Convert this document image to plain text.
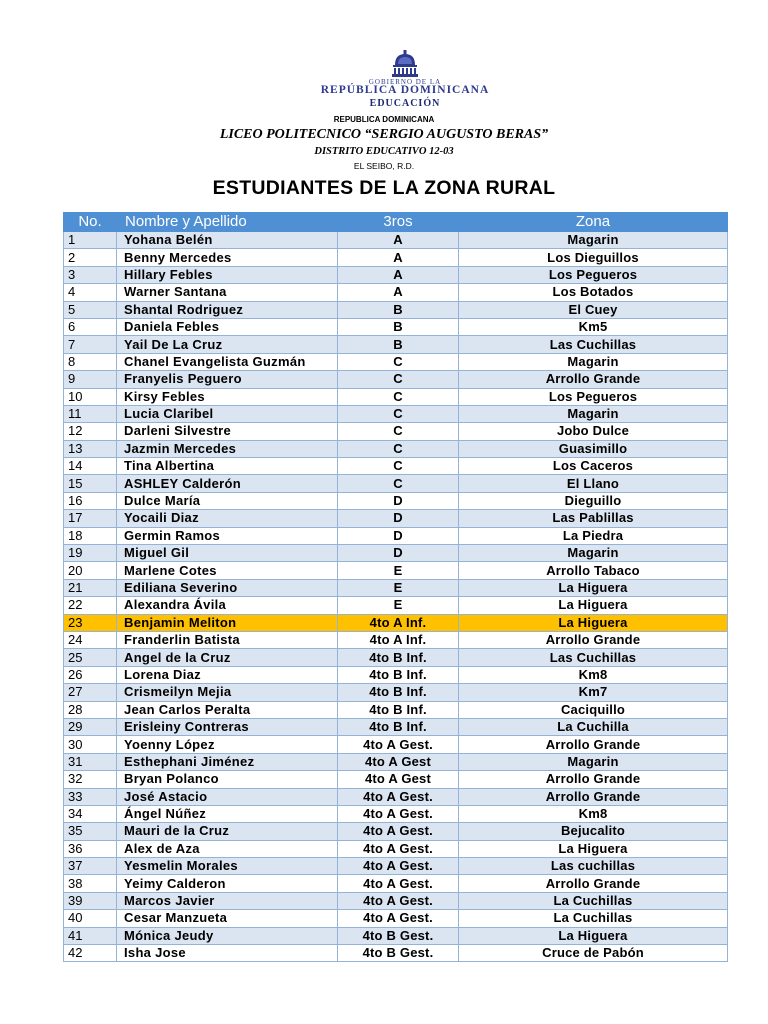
GOBIERNO DE LA
REPÚBLICA DOMINICANA
EDUCACIÓN
REPUBLICA DOMINICANA
LICEO POLITECNICO “SERGIO AUGUSTO BERAS”
DISTRITO EDUCATIVO 12-03
EL SEIBO, R.D.
ESTUDIANTES DE LA ZONA RURAL
No.	Nombre y Apellido	3ros	Zona
1	Yohana Belén	A	Magarin
2	Benny Mercedes	A	Los Dieguillos
3	Hillary Febles	A	Los Pegueros
4	Warner Santana	A	Los Botados
5	Shantal Rodriguez	B	El Cuey
6	Daniela Febles	B	Km5
7	Yail De La Cruz	B	Las Cuchillas
8	Chanel Evangelista Guzmán	C	Magarin
9	Franyelis Peguero	C	Arrollo Grande
10	Kirsy Febles	C	Los Pegueros
11	Lucia Claribel	C	Magarin
12	Darleni Silvestre	C	Jobo Dulce
13	Jazmin Mercedes	C	Guasimillo
14	Tina Albertina	C	Los Caceros
15	ASHLEY Calderón	C	El Llano
16	Dulce María	D	Dieguillo
17	Yocaili Diaz	D	Las Pablillas
18	Germin Ramos	D	La Piedra
19	Miguel Gil	D	Magarin
20	Marlene Cotes	E	Arrollo Tabaco
21	Ediliana Severino	E	La Higuera
22	Alexandra Ávila	E	La Higuera
23	Benjamin Meliton	4to A Inf.	La Higuera
24	Franderlin Batista	4to A Inf.	Arrollo Grande
25	Angel de la Cruz	4to B Inf.	Las Cuchillas
26	Lorena Diaz	4to B Inf.	Km8
27	Crismeilyn Mejia	4to B Inf.	Km7
28	Jean Carlos Peralta	4to B Inf.	Caciquillo
29	Erisleiny Contreras	4to B Inf.	La Cuchilla
30	Yoenny López	4to A Gest.	Arrollo Grande
31	Esthephani Jiménez	4to A Gest	Magarin
32	Bryan Polanco	4to A Gest	Arrollo Grande
33	José Astacio	4to A Gest.	Arrollo Grande
34	Ángel Núñez	4to A Gest.	Km8
35	Mauri de la Cruz	4to A Gest.	Bejucalito
36	Alex de Aza	4to A Gest.	La Higuera
37	Yesmelin Morales	4to A Gest.	Las cuchillas
38	Yeimy Calderon	4to A Gest.	Arrollo Grande
39	Marcos Javier	4to A Gest.	La Cuchillas
40	Cesar Manzueta	4to A Gest.	La Cuchillas
41	Mónica Jeudy	4to B Gest.	La Higuera
42	Isha Jose	4to B Gest.	Cruce de Pabón
